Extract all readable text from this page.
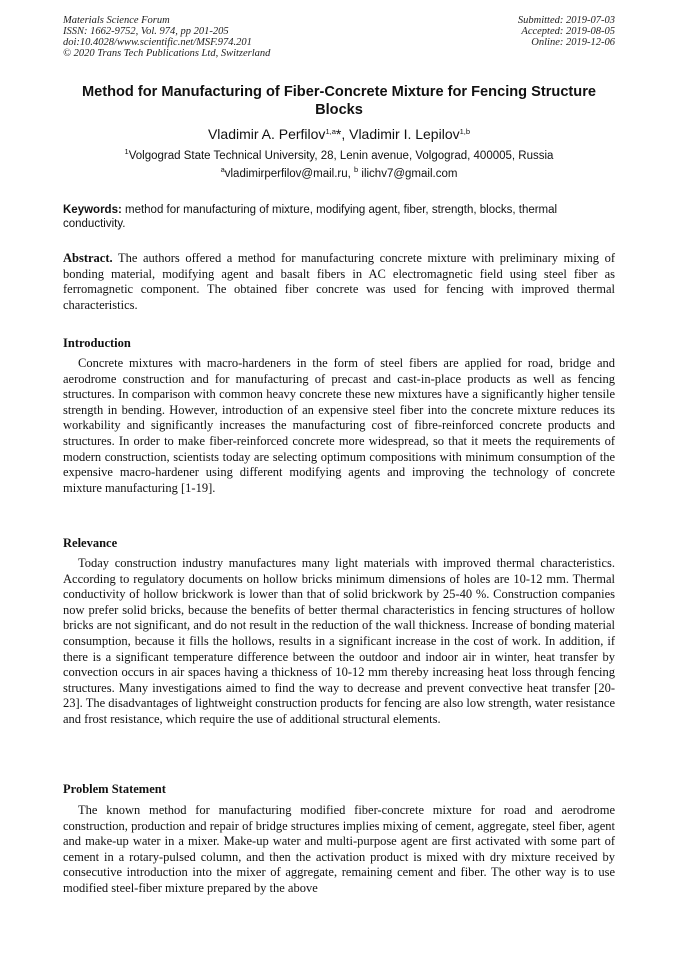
Materials Science Forum
ISSN: 1662-9752, Vol. 974, pp 201-205
doi:10.4028/www.scientific.net/MSF.974.201
© 2020 Trans Tech Publications Ltd, Switzerland
Submitted: 2019-07-03
Accepted: 2019-08-05
Online: 2019-12-06
Method for Manufacturing of Fiber-Concrete Mixture for Fencing Structure Blocks
Vladimir A. Perfilov$^{1,a}$*, Vladimir I. Lepilov$^{1,b}$
$^1$Volgograd State Technical University, 28, Lenin avenue, Volgograd, 400005, Russia
$^a$vladimirperfilov@mail.ru, $^b$ ilichv7@gmail.com
Keywords: method for manufacturing of mixture, modifying agent, fiber, strength, blocks, thermal conductivity.
Abstract. The authors offered a method for manufacturing concrete mixture with preliminary mixing of bonding material, modifying agent and basalt fibers in AC electromagnetic field using steel fiber as ferromagnetic component. The obtained fiber concrete was used for fencing with improved thermal characteristics.
Introduction
Concrete mixtures with macro-hardeners in the form of steel fibers are applied for road, bridge and aerodrome construction and for manufacturing of precast and cast-in-place products as well as fencing structures. In comparison with common heavy concrete these new mixtures have a significantly higher tensile strength in bending. However, introduction of an expensive steel fiber into the concrete mixture reduces its workability and significantly increases the manufacturing cost of fibre-reinforced concrete products and structures. In order to make fiber-reinforced concrete more widespread, so that it meets the requirements of modern construction, scientists today are selecting optimum compositions with minimum consumption of the expensive macro-hardener using different modifying agents and improving the technology of concrete mixture manufacturing [1-19].
Relevance
Today construction industry manufactures many light materials with improved thermal characteristics. According to regulatory documents on hollow bricks minimum dimensions of holes are 10-12 mm. Thermal conductivity of hollow brickwork is lower than that of solid brickwork by 25-40 %. Construction companies now prefer solid bricks, because the benefits of better thermal characteristics in fencing structures of hollow bricks are not significant, and do not result in the reduction of the wall thickness. Increase of bonding material consumption, because it fills the hollows, results in a significant increase in the cost of work. In addition, if there is a significant temperature difference between the outdoor and indoor air in winter, heat transfer by convection occurs in air spaces having a thickness of 10-12 mm thereby increasing heat loss through fencing structures. Many investigations aimed to find the way to decrease and prevent convective heat transfer [20-23]. The disadvantages of lightweight construction products for fencing are also low strength, water resistance and frost resistance, which require the use of additional structural elements.
Problem Statement
The known method for manufacturing modified fiber-concrete mixture for road and aerodrome construction, production and repair of bridge structures implies mixing of cement, aggregate, steel fiber, agent and make-up water in a mixer. Make-up water and multi-purpose agent are first activated with some part of cement in a rotary-pulsed column, and then the activation product is mixed with dry mixture received by consecutive introduction into the mixer of aggregate, remaining cement and fiber. The other way is to use modified steel-fiber mixture prepared by the above
